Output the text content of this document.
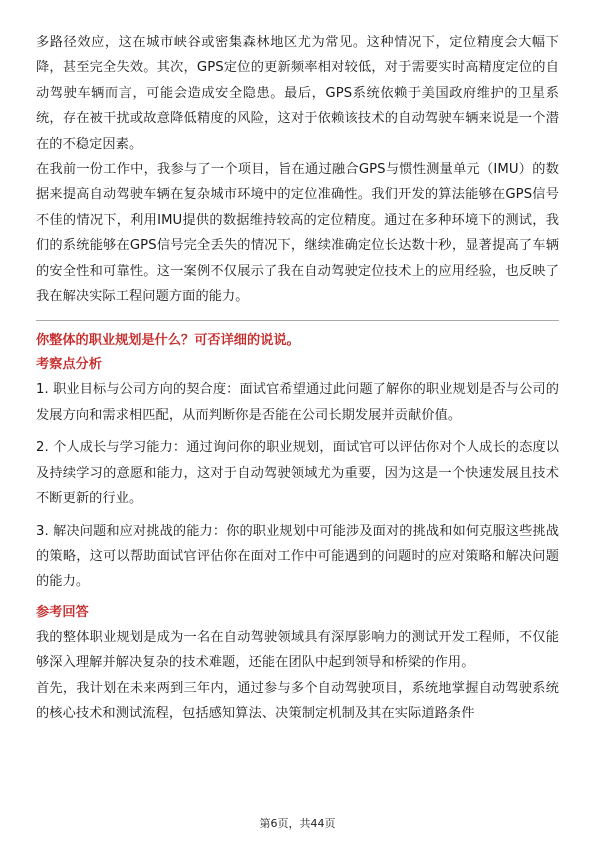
多路径效应，这在城市峡谷或密集森林地区尤为常见。这种情况下，定位精度会大幅下降，甚至完全失效。其次，GPS定位的更新频率相对较低，对于需要实时高精度定位的自动驾驶车辆而言，可能会造成安全隐患。最后，GPS系统依赖于美国政府维护的卫星系统，存在被干扰或故意降低精度的风险，这对于依赖该技术的自动驾驶车辆来说是一个潜在的不稳定因素。

在我前一份工作中，我参与了一个项目，旨在通过融合GPS与惯性测量单元（IMU）的数据来提高自动驾驶车辆在复杂城市环境中的定位准确性。我们开发的算法能够在GPS信号不佳的情况下，利用IMU提供的数据维持较高的定位精度。通过在多种环境下的测试，我们的系统能够在GPS信号完全丢失的情况下，继续准确定位长达数十秒，显著提高了车辆的安全性和可靠性。这一案例不仅展示了我在自动驾驶定位技术上的应用经验，也反映了我在解决实际工程问题方面的能力。

你整体的职业规划是什么？可否详细的说说。
考察点分析

1. 职业目标与公司方向的契合度：面试官希望通过此问题了解你的职业规划是否与公司的发展方向和需求相匹配，从而判断你是否能在公司长期发展并贡献价值。

2. 个人成长与学习能力：通过询问你的职业规划，面试官可以评估你对个人成长的态度以及持续学习的意愿和能力，这对于自动驾驶领域尤为重要，因为这是一个快速发展且技术不断更新的行业。

3. 解决问题和应对挑战的能力：你的职业规划中可能涉及面对的挑战和如何克服这些挑战的策略，这可以帮助面试官评估你在面对工作中可能遇到的问题时的应对策略和解决问题的能力。

参考回答

我的整体职业规划是成为一名在自动驾驶领域具有深厚影响力的测试开发工程师，不仅能够深入理解并解决复杂的技术难题，还能在团队中起到领导和桥梁的作用。

首先，我计划在未来两到三年内，通过参与多个自动驾驶项目，系统地掌握自动驾驶系统的核心技术和测试流程，包括感知算法、决策制定机制及其在实际道路条件

第6页，共44页
